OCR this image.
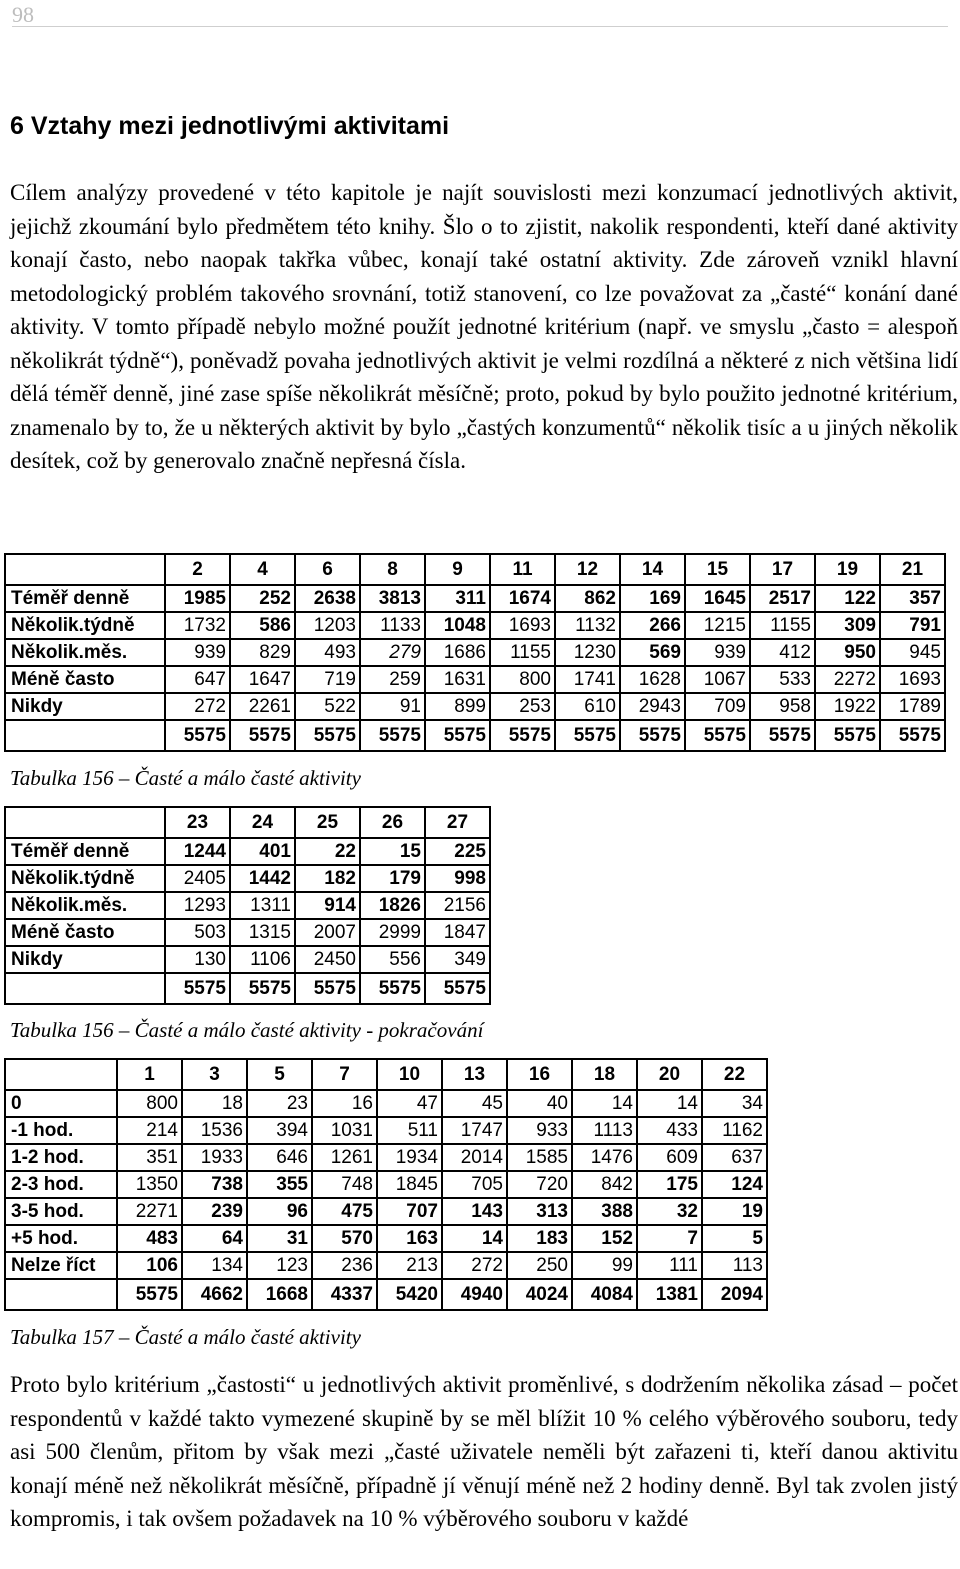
98
6 Vztahy mezi jednotlivými aktivitami

Cílem analýzy provedené v této kapitole je najít souvislosti mezi konzumací jednotlivých aktivit, jejichž zkoumání bylo předmětem této knihy. Šlo o to zjistit, nakolik respondenti, kteří dané aktivity konají často, nebo naopak takřka vůbec, konají také ostatní aktivity. Zde zároveň vznikl hlavní metodologický problém takového srovnání, totiž stanovení, co lze považovat za „časté“ konání dané aktivity. V tomto případě nebylo možné použít jednotné kritérium (např. ve smyslu „často = alespoň několikrát týdně“), poněvadž povaha jednotlivých aktivit je velmi rozdílná a některé z nich většina lidí dělá téměř denně, jiné zase spíše několikrát měsíčně; proto, pokud by bylo použito jednotné kritérium, znamenalo by to, že u některých aktivit by bylo „častých konzumentů“ několik tisíc a u jiných několik desítek, což by generovalo značně nepřesná čísla.

	2	4	6	8	9	11	12	14	15	17	19	21
Téměř denně	1985	252	2638	3813	311	1674	862	169	1645	2517	122	357
Několik.týdně	1732	586	1203	1133	1048	1693	1132	266	1215	1155	309	791
Několik.měs.	939	829	493	279	1686	1155	1230	569	939	412	950	945
Méně často	647	1647	719	259	1631	800	1741	1628	1067	533	2272	1693
Nikdy	272	2261	522	91	899	253	610	2943	709	958	1922	1789
	5575	5575	5575	5575	5575	5575	5575	5575	5575	5575	5575	5575

Tabulka 156 – Časté a málo časté aktivity

	23	24	25	26	27
Téměř denně	1244	401	22	15	225
Několik.týdně	2405	1442	182	179	998
Několik.měs.	1293	1311	914	1826	2156
Méně často	503	1315	2007	2999	1847
Nikdy	130	1106	2450	556	349
	5575	5575	5575	5575	5575

Tabulka 156 – Časté a málo časté aktivity - pokračování

	1	3	5	7	10	13	16	18	20	22
0	800	18	23	16	47	45	40	14	14	34
-1 hod.	214	1536	394	1031	511	1747	933	1113	433	1162
1-2 hod.	351	1933	646	1261	1934	2014	1585	1476	609	637
2-3 hod.	1350	738	355	748	1845	705	720	842	175	124
3-5 hod.	2271	239	96	475	707	143	313	388	32	19
+5 hod.	483	64	31	570	163	14	183	152	7	5
Nelze říct	106	134	123	236	213	272	250	99	111	113
	5575	4662	1668	4337	5420	4940	4024	4084	1381	2094

Tabulka 157 – Časté a málo časté aktivity

Proto bylo kritérium „častosti“ u jednotlivých aktivit proměnlivé, s dodržením několika zásad – počet respondentů v každé takto vymezené skupině by se měl blížit 10 % celého výběrového souboru, tedy asi 500 členům, přitom by však mezi „časté uživatele neměli být zařazeni ti, kteří danou aktivitu konají méně než několikrát měsíčně, případně jí věnují méně než 2 hodiny denně. Byl tak zvolen jistý kompromis, i tak ovšem požadavek na 10 % výběrového souboru v každé
